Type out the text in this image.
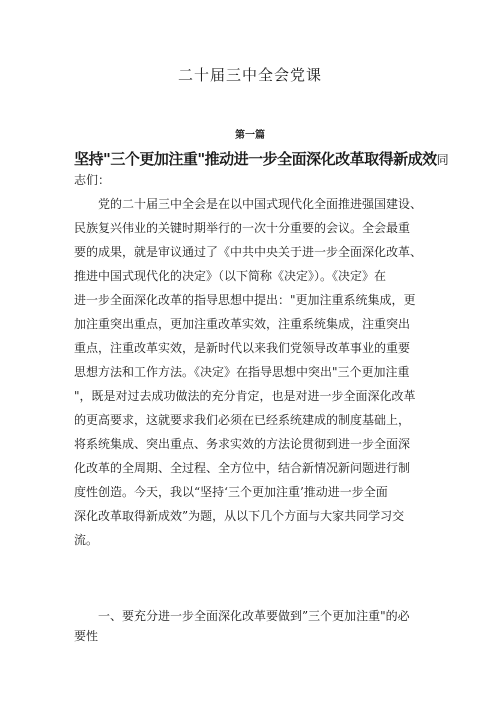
二十届三中全会党课
第一篇
坚持"三个更加注重"推动进一步全面深化改革取得新成效同
志们：
党的二十届三中全会是在以中国式现代化全面推进强国建设、
民族复兴伟业的关键时期举行的一次十分重要的会议。全会最重
要的成果，就是审议通过了《中共中央关于进一步全面深化改革、
推进中国式现代化的决定》（以下简称《决定》）。《决定》在
进一步全面深化改革的指导思想中提出："更加注重系统集成，更
加注重突出重点，更加注重改革实效，注重系统集成，注重突出
重点，注重改革实效，是新时代以来我们党领导改革事业的重要
思想方法和工作方法。《决定》在指导思想中突出"三个更加注重
"，既是对过去成功做法的充分肯定，也是对进一步全面深化改革
的更高要求，这就要求我们必须在已经系统建成的制度基础上，
将系统集成、突出重点、务求实效的方法论贯彻到进一步全面深
化改革的全周期、全过程、全方位中，结合新情况新问题进行制
度性创造。今天，我以“坚持‘三个更加注重’推动进一步全面
深化改革取得新成效”为题，从以下几个方面与大家共同学习交
流。
一、要充分进一步全面深化改革要做到”三个更加注重"的必
要性
